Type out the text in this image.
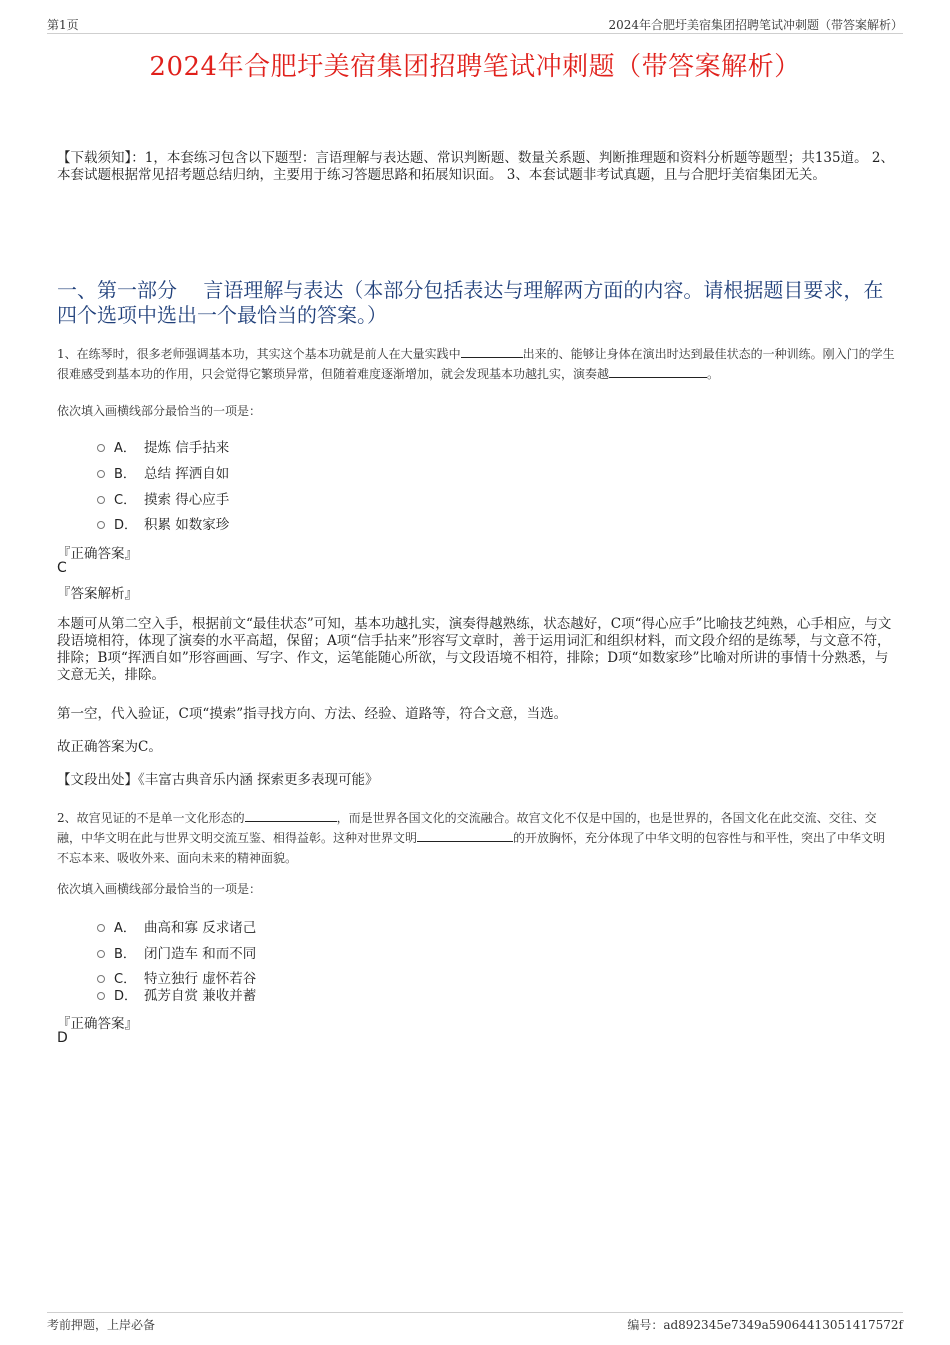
第1页	2024年合肥圩美宿集团招聘笔试冲刺题（带答案解析）
2024年合肥圩美宿集团招聘笔试冲刺题（带答案解析）
【下载须知】：1，本套练习包含以下题型：言语理解与表达题、常识判断题、数量关系题、判断推理题和资料分析题等题型；共135道。 2、本套试题根据常见招考题总结归纳，主要用于练习答题思路和拓展知识面。 3、本套试题非考试真题，且与合肥圩美宿集团无关。
一、第一部分　 言语理解与表达（本部分包括表达与理解两方面的内容。请根据题目要求，在四个选项中选出一个最恰当的答案。）
1、在练琴时，很多老师强调基本功，其实这个基本功就是前人在大量实践中	出来的、能够让身体在演出时达到最佳状态的一种训练。刚入门的学生很难感受到基本功的作用，只会觉得它繁琐异常，但随着难度逐渐增加，就会发现基本功越扎实，演奏越	。
依次填入画横线部分最恰当的一项是：
A． 提炼 信手拈来
B． 总结 挥洒自如
C． 摸索 得心应手
D． 积累 如数家珍
『正确答案』
C
『答案解析』
本题可从第二空入手，根据前文“最佳状态”可知，基本功越扎实，演奏得越熟练，状态越好，C项“得心应手”比喻技艺纯熟，心手相应，与文段语境相符，体现了演奏的水平高超，保留；A项“信手拈来”形容写文章时，善于运用词汇和组织材料，而文段介绍的是练琴，与文意不符，排除；B项“挥洒自如”形容画画、写字、作文，运笔能随心所欲，与文段语境不相符，排除；D项“如数家珍”比喻对所讲的事情十分熟悉，与文意无关，排除。
第一空，代入验证，C项“摸索”指寻找方向、方法、经验、道路等，符合文意，当选。
故正确答案为C。
【文段出处】《丰富古典音乐内涵 探索更多表现可能》
2、故宫见证的不是单一文化形态的	，而是世界各国文化的交流融合。故宫文化不仅是中国的，也是世界的，各国文化在此交流、交往、交融，中华文明在此与世界文明交流互鉴、相得益彰。这种对世界文明	的开放胸怀，充分体现了中华文明的包容性与和平性，突出了中华文明不忘本来、吸收外来、面向未来的精神面貌。
依次填入画横线部分最恰当的一项是：
A． 曲高和寡 反求诸己
B． 闭门造车 和而不同
C． 特立独行 虚怀若谷
D． 孤芳自赏 兼收并蓄
『正确答案』
D
考前押题，上岸必备	编号：ad892345e7349a59064413051417572f
